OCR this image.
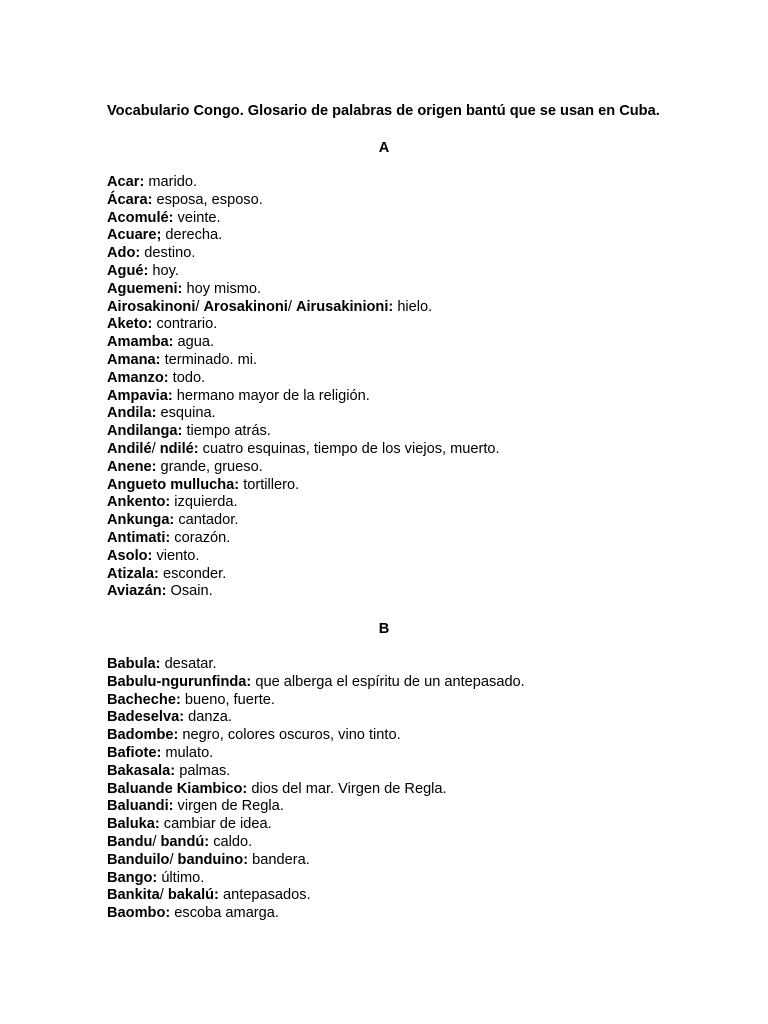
Vocabulario Congo. Glosario de palabras de origen bantú que se usan en Cuba.

A

Acar: marido.
Ácara: esposa, esposo.
Acomulé: veinte.
Acuare; derecha.
Ado: destino.
Agué: hoy.
Aguemeni: hoy mismo.
Airosakinoni/ Arosakinoni/ Airusakinioni: hielo.
Aketo: contrario.
Amamba: agua.
Amana: terminado. mi.
Amanzo: todo.
Ampavia: hermano mayor de la religión.
Andila: esquina.
Andilanga: tiempo atrás.
Andilé/ ndilé: cuatro esquinas, tiempo de los viejos, muerto.
Anene: grande, grueso.
Angueto mullucha: tortillero.
Ankento: izquierda.
Ankunga: cantador.
Antimati: corazón.
Asolo: viento.
Atizala: esconder.
Aviazán: Osain.

B

Babula: desatar.
Babulu-ngurunfinda: que alberga el espíritu de un antepasado.
Bacheche: bueno, fuerte.
Badeselva: danza.
Badombe: negro, colores oscuros, vino tinto.
Bafiote: mulato.
Bakasala: palmas.
Baluande Kiambico: dios del mar. Virgen de Regla.
Baluandi: virgen de Regla.
Baluka: cambiar de idea.
Bandu/ bandú: caldo.
Banduilo/ banduino: bandera.
Bango: último.
Bankita/ bakalú: antepasados.
Baombo: escoba amarga.
